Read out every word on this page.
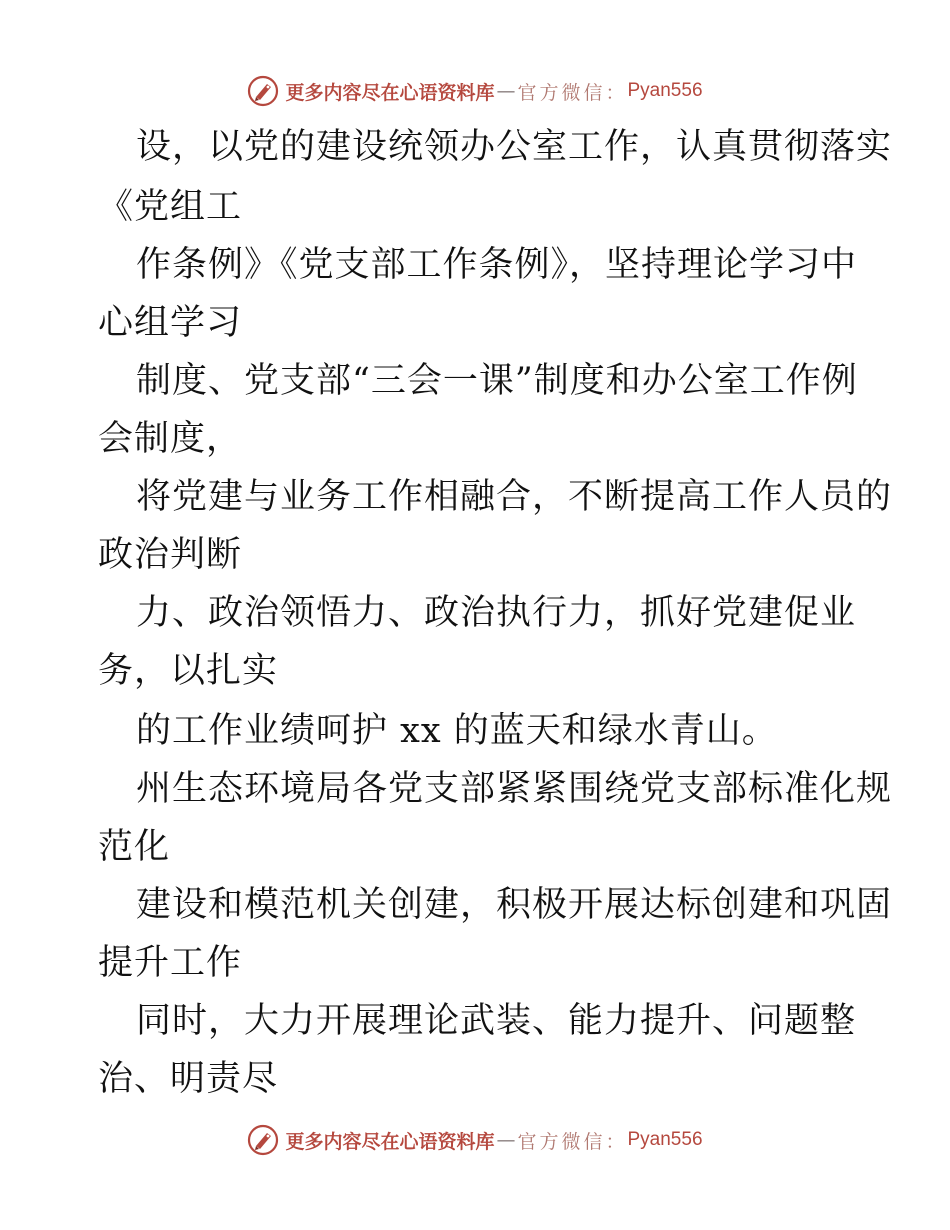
更多内容尽在心语资料库 — 官方微信： Pyan556
设，以党的建设统领办公室工作，认真贯彻落实
《党组工
作条例》《党支部工作条例》，坚持理论学习中
心组学习
制度、党支部“三会一课”制度和办公室工作例
会制度，
将党建与业务工作相融合，不断提高工作人员的
政治判断
力、政治领悟力、政治执行力，抓好党建促业
务，以扎实
的工作业绩呵护 xx 的蓝天和绿水青山。
州生态环境局各党支部紧紧围绕党支部标准化规
范化
建设和模范机关创建，积极开展达标创建和巩固
提升工作
同时，大力开展理论武装、能力提升、问题整
治、明责尽
更多内容尽在心语资料库 — 官方微信： Pyan556
